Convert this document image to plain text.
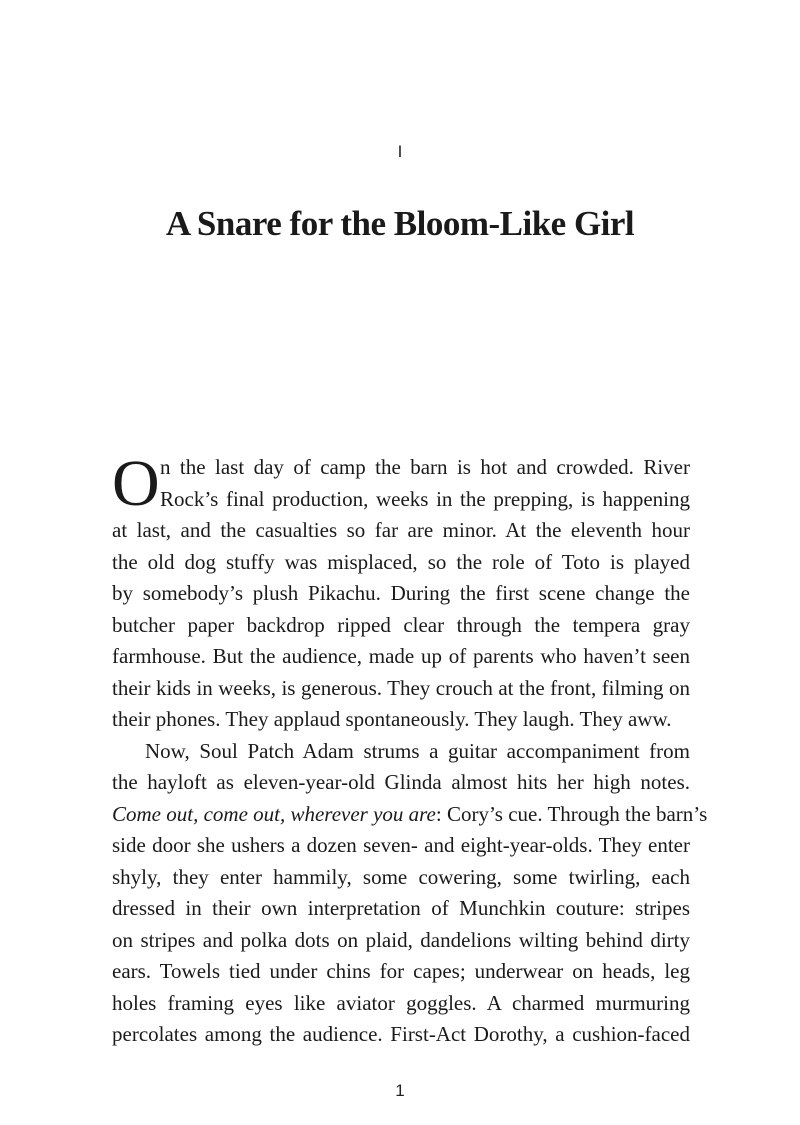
I
A Snare for the Bloom-Like Girl
O n the last day of camp the barn is hot and crowded. River
Rock’s final production, weeks in the prepping, is happening
at last, and the casualties so far are minor. At the eleventh hour
the old dog stuffy was misplaced, so the role of Toto is played
by somebody’s plush Pikachu. During the first scene change the
butcher paper backdrop ripped clear through the tempera gray
farmhouse. But the audience, made up of parents who haven’t seen
their kids in weeks, is generous. They crouch at the front, filming on
their phones. They applaud spontaneously. They laugh. They aww.
Now, Soul Patch Adam strums a guitar accompaniment from
the hayloft as eleven-year-old Glinda almost hits her high notes.
Come out, come out, wherever you are: Cory’s cue. Through the barn’s
side door she ushers a dozen seven- and eight-year-olds. They enter
shyly, they enter hammily, some cowering, some twirling, each
dressed in their own interpretation of Munchkin couture: stripes
on stripes and polka dots on plaid, dandelions wilting behind dirty
ears. Towels tied under chins for capes; underwear on heads, leg
holes framing eyes like aviator goggles. A charmed murmuring
percolates among the audience. First-Act Dorothy, a cushion-faced
1
